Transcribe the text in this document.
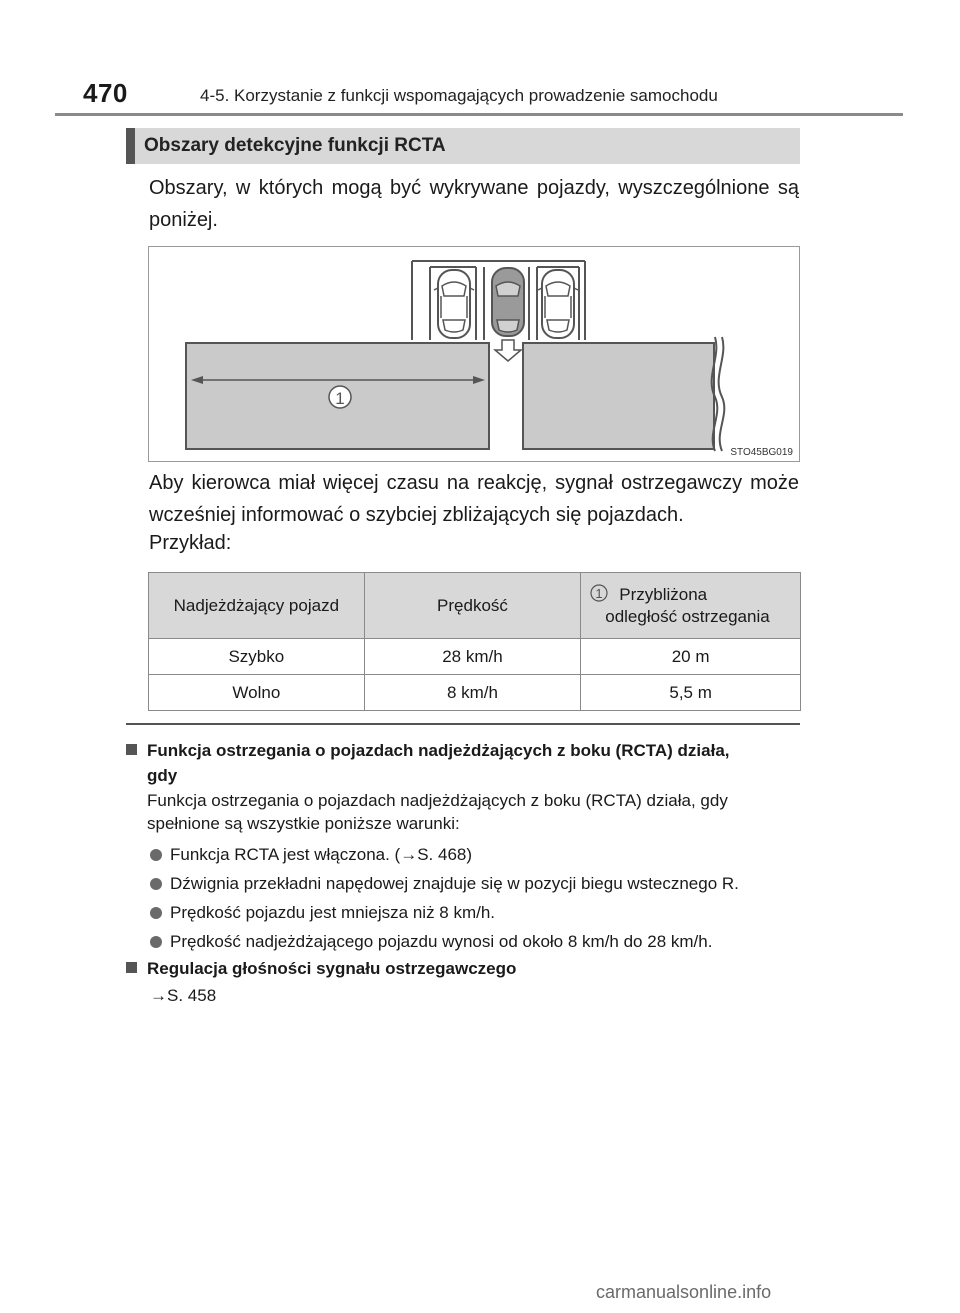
470	4-5. Korzystanie z funkcji wspomagających prowadzenie samochodu
Obszary detekcyjne funkcji RCTA
Obszary, w których mogą być wykrywane pojazdy, wyszczególnione są poniżej.
1
STO45BG019
Aby kierowca miał więcej czasu na reakcję, sygnał ostrzegawczy może wcześniej informować o szybciej zbliżających się pojazdach.
Przykład:
Nadjeżdżający pojazd	Prędkość	1 Przybliżona
odległość ostrzegania
Szybko	28 km/h	20 m
Wolno	8 km/h	5,5 m
Funkcja ostrzegania o pojazdach nadjeżdżających z boku (RCTA) działa,
gdy
Funkcja ostrzegania o pojazdach nadjeżdżających z boku (RCTA) działa, gdy
spełnione są wszystkie poniższe warunki:
Funkcja RCTA jest włączona. (→S. 468)
Dźwignia przekładni napędowej znajduje się w pozycji biegu wstecznego R.
Prędkość pojazdu jest mniejsza niż 8 km/h.
Prędkość nadjeżdżającego pojazdu wynosi od około 8 km/h do 28 km/h.
Regulacja głośności sygnału ostrzegawczego
→S. 458
carmanualsonline.info
